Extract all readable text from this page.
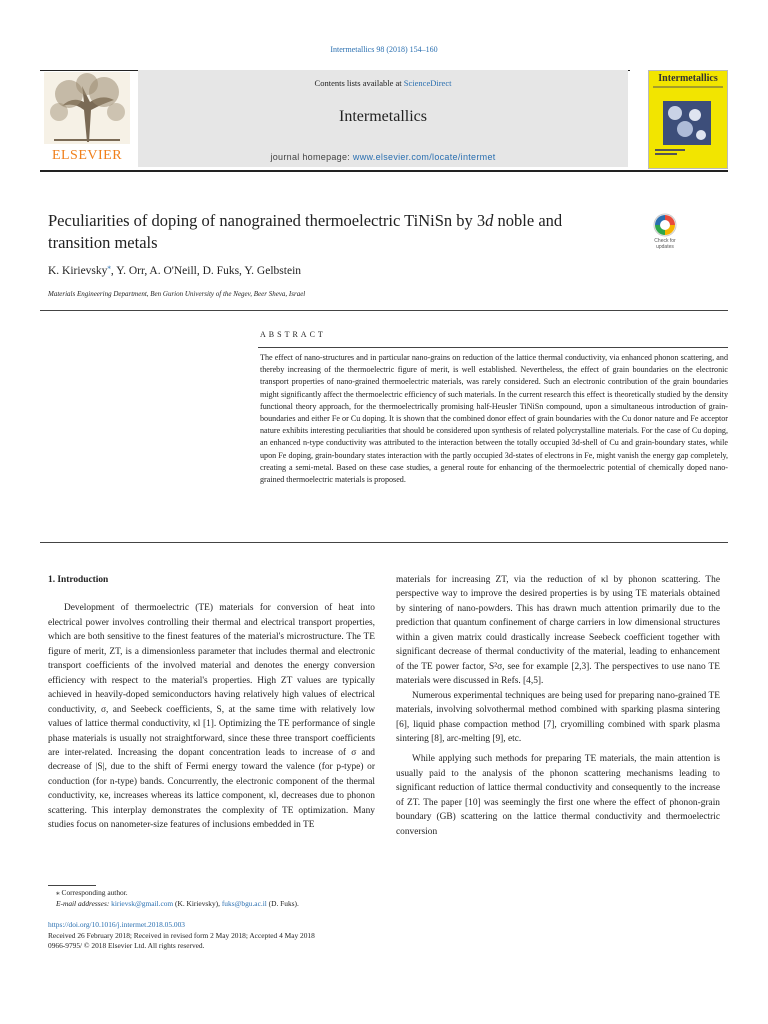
Intermetallics 98 (2018) 154–160
ELSEVIER
Contents lists available at ScienceDirect
Intermetallics
journal homepage: www.elsevier.com/locate/intermet
Intermetallics
Peculiarities of doping of nanograined thermoelectric TiNiSn by 3d noble and transition metals	Check for updates
K. Kirievsky⁎, Y. Orr, A. O'Neill, D. Fuks, Y. Gelbstein
Materials Engineering Department, Ben Gurion University of the Negev, Beer Sheva, Israel
ABSTRACT
The effect of nano-structures and in particular nano-grains on reduction of the lattice thermal conductivity, via enhanced phonon scattering, and thereby increasing of the thermoelectric figure of merit, is well established. Nevertheless, the effect of grain boundaries on the electronic transport properties of nano-grained thermoelectric materials, was rarely considered. Such an electronic contribution of the grain boundaries might significantly affect the thermoelectric efficiency of such materials. In the current research this effect is theoretically studied by the density functional theory approach, for the thermoelectrically promising half-Heusler TiNiSn compound, upon a simultaneous introduction of grain-boundaries and either Fe or Cu doping. It is shown that the combined donor effect of grain boundaries with the Cu donor nature and Fe acceptor nature exhibits interesting peculiarities that should be considered upon synthesis of related polycrystalline materials. For the case of Cu doping, an enhanced n-type conductivity was attributed to the interaction between the totally occupied 3d-shell of Cu and grain-boundary states, while upon Fe doping, grain-boundary states interaction with the partly occupied 3d-states of electrons in Fe, might vanish the energy gap completely, creating a semi-metal. Based on these case studies, a general route for enhancing of the thermoelectric potential of chemically doped nano-grained thermoelectric materials is proposed.

1. Introduction

Development of thermoelectric (TE) materials for conversion of heat into electrical power involves controlling their thermal and electrical transport properties, which are both sensitive to the finest features of the material's microstructure. The TE figure of merit, ZT, is a dimensionless parameter that includes thermal and electronic transport coefficients of the involved material and denotes the energy conversion efficiency with respect to the material's properties. High ZT values are typically achieved in heavily-doped semiconductors having relatively high values of electrical conductivity, σ, and Seebeck coefficients, S, at the same time with relatively low values of lattice thermal conductivity, κl [1]. Optimizing the TE performance of single phase materials is usually not straightforward, since these three transport coefficients are inter-related. Increasing the dopant concentration leads to increase of σ and decrease of |S|, due to the shift of Fermi energy toward the valence (for p-type) or conduction (for n-type) bands. Concurrently, the electronic component of the thermal conductivity, κe, increases whereas its lattice component, κl, decreases due to phonon scattering. This interplay demonstrates the complexity of TE optimization. Many studies focus on nanometer-size features of inclusions embedded in TE

materials for increasing ZT, via the reduction of κl by phonon scattering. The perspective way to improve the desired properties is by using TE materials obtained by sintering of nano-powders. This has drawn much attention primarily due to the prediction that quantum confinement of charge carriers in low dimensional structures within a given matrix could drastically increase Seebeck coefficient together with significant decrease of thermal conductivity of the material, leading to enhancement of the TE power factor, S²σ, see for example [2,3]. The perspectives to use nano TE materials were discussed in Refs. [4,5].

Numerous experimental techniques are being used for preparing nano-grained TE materials, involving solvothermal method combined with sparking plasma sintering [6], liquid phase compaction method [7], cryomilling combined with spark plasma sintering [8], arc-melting [9], etc.

While applying such methods for preparing TE materials, the main attention is usually paid to the analysis of the phonon scattering mechanisms leading to significant reduction of lattice thermal conductivity and consequently to the increase of ZT. The paper [10] was seemingly the first one where the effect of phonon-grain boundary (GB) scattering on the lattice thermal conductivity and thermoelectric conversion

⁎ Corresponding author.
E-mail addresses: kirievsk@gmail.com (K. Kirievsky), fuks@bgu.ac.il (D. Fuks).
https://doi.org/10.1016/j.intermet.2018.05.003
Received 26 February 2018; Received in revised form 2 May 2018; Accepted 4 May 2018
0966-9795/ © 2018 Elsevier Ltd. All rights reserved.
